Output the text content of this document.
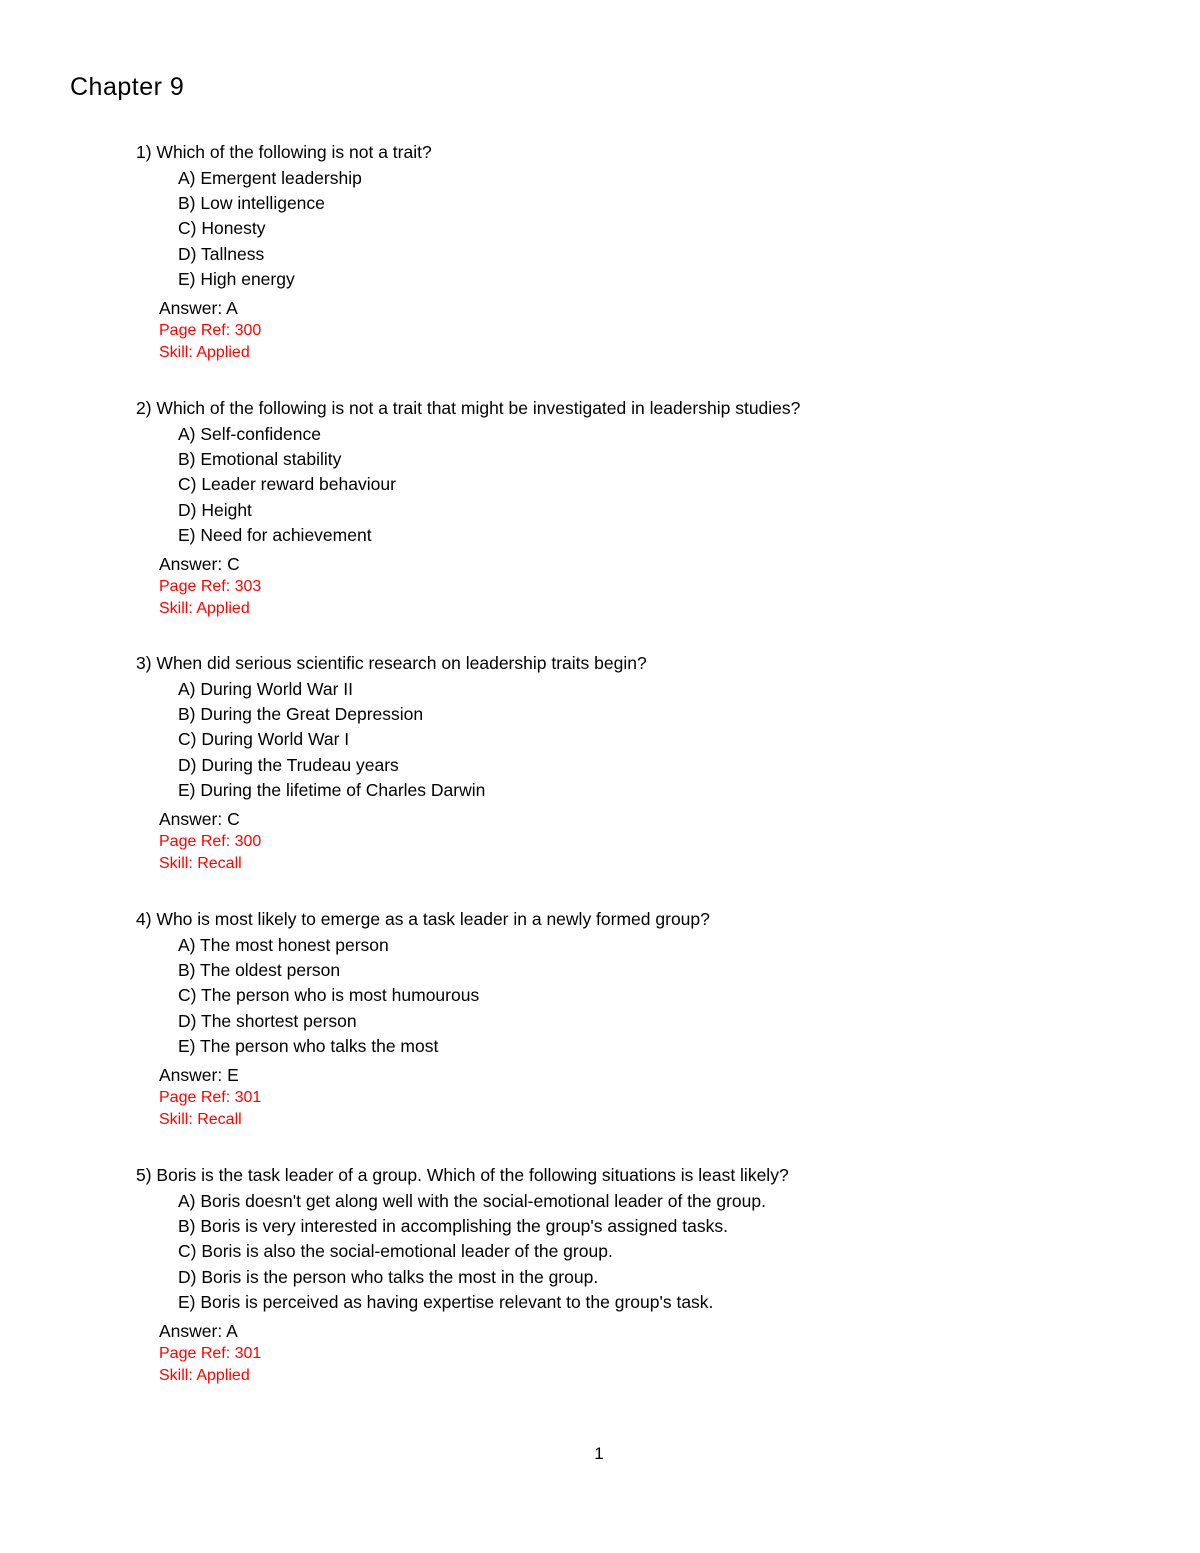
Chapter 9
1) Which of the following is not a trait?
A) Emergent leadership
B) Low intelligence
C) Honesty
D) Tallness
E) High energy
Answer: A
Page Ref: 300
Skill: Applied
2) Which of the following is not a trait that might be investigated in leadership studies?
A) Self-confidence
B) Emotional stability
C) Leader reward behaviour
D) Height
E) Need for achievement
Answer: C
Page Ref: 303
Skill: Applied
3) When did serious scientific research on leadership traits begin?
A) During World War II
B) During the Great Depression
C) During World War I
D) During the Trudeau years
E) During the lifetime of Charles Darwin
Answer: C
Page Ref: 300
Skill: Recall
4) Who is most likely to emerge as a task leader in a newly formed group?
A) The most honest person
B) The oldest person
C) The person who is most humourous
D) The shortest person
E) The person who talks the most
Answer: E
Page Ref: 301
Skill: Recall
5) Boris is the task leader of a group. Which of the following situations is least likely?
A) Boris doesn't get along well with the social-emotional leader of the group.
B) Boris is very interested in accomplishing the group's assigned tasks.
C) Boris is also the social-emotional leader of the group.
D) Boris is the person who talks the most in the group.
E) Boris is perceived as having expertise relevant to the group's task.
Answer: A
Page Ref: 301
Skill: Applied
1
